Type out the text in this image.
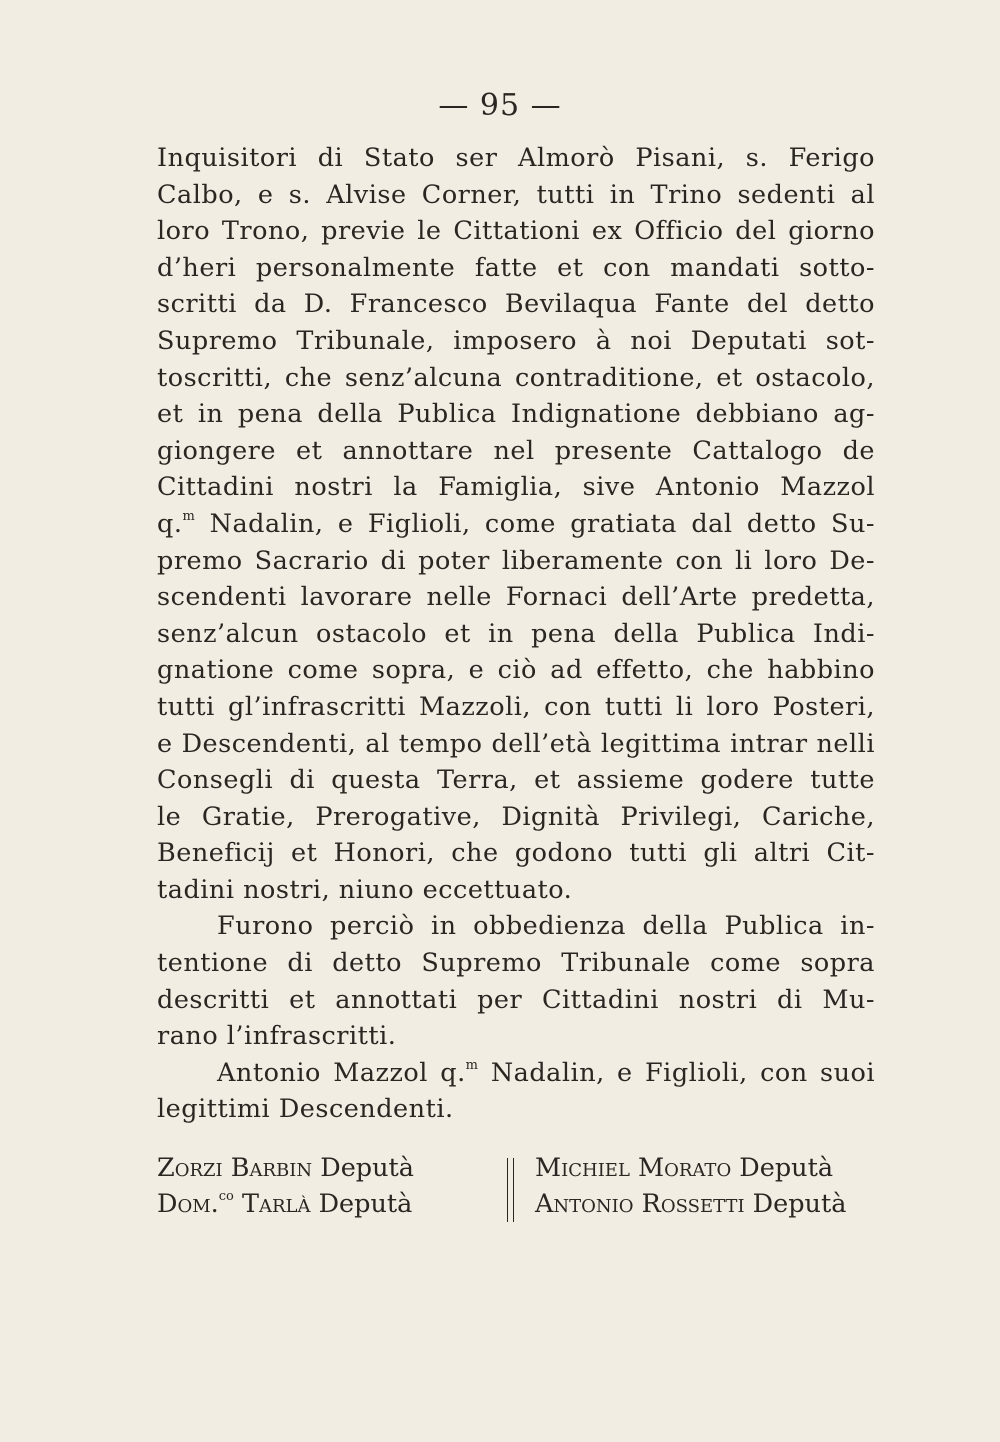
— 95 —
Inquisitori di Stato ser Almorò Pisani, s. Ferigo
Calbo, e s. Alvise Corner, tutti in Trino sedenti al
loro Trono, previe le Cittationi ex Officio del giorno
d’heri personalmente fatte et con mandati sotto-
scritti da D. Francesco Bevilaqua Fante del detto
Supremo Tribunale, imposero à noi Deputati sot-
toscritti, che senz’alcuna contraditione, et ostacolo,
et in pena della Publica Indignatione debbiano ag-
giongere et annottare nel presente Cattalogo de
Cittadini nostri la Famiglia, sive Antonio Mazzol
q.$^m$ Nadalin, e Figlioli, come gratiata dal detto Su-
premo Sacrario di poter liberamente con li loro De-
scendenti lavorare nelle Fornaci dell’Arte predetta,
senz’alcun ostacolo et in pena della Publica Indi-
gnatione come sopra, e ciò ad effetto, che habbino
tutti gl’infrascritti Mazzoli, con tutti li loro Posteri,
e Descendenti, al tempo dell’età legittima intrar nelli
Consegli di questa Terra, et assieme godere tutte
le Gratie, Prerogative, Dignità Privilegi, Cariche,
Beneficij et Honori, che godono tutti gli altri Cit-
tadini nostri, niuno eccettuato.
Furono perciò in obbedienza della Publica in-
tentione di detto Supremo Tribunale come sopra
descritti et annottati per Cittadini nostri di Mu-
rano l’infrascritti.
Antonio Mazzol q.$^m$ Nadalin, e Figlioli, con suoi
legittimi Descendenti.
Zorzi Barbin Deputà
Dom.$^{co}$ Tarlà Deputà
Michiel Morato Deputà
Antonio Rossetti Deputà
